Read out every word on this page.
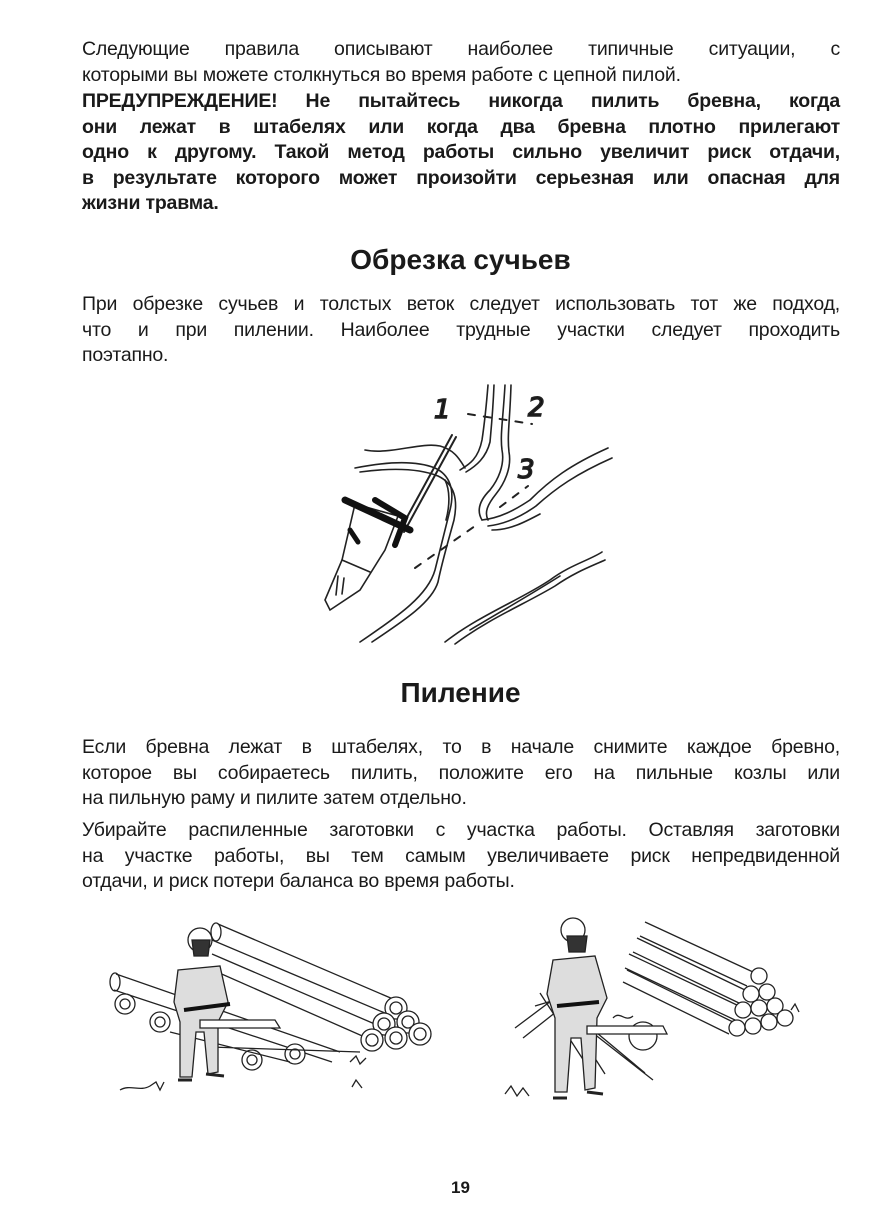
Следующие правила описывают наиболее типичные ситуации, с
которыми вы можете столкнуться во время работе с цепной пилой.
ПРЕДУПРЕЖДЕНИЕ! Не пытайтесь никогда пилить бревна, когда
они лежат в штабелях или когда два бревна плотно прилегают
одно к другому. Такой метод работы сильно увеличит риск отдачи,
в результате которого может произойти серьезная или опасная для
жизни травма.
Обрезка сучьев
При обрезке сучьев и толстых веток следует использовать тот же подход,
что и при пилении. Наиболее трудные участки следует проходить
поэтапно.
1	2
3
Пиление
Если бревна лежат в штабелях, то в начале снимите каждое бревно,
которое вы собираетесь пилить, положите его на пильные козлы или
на пильную раму и пилите затем отдельно.
Убирайте распиленные заготовки с участка работы. Оставляя заготовки
на участке работы, вы тем самым увеличиваете риск непредвиденной
отдачи, и риск потери баланса во время работы.
19
